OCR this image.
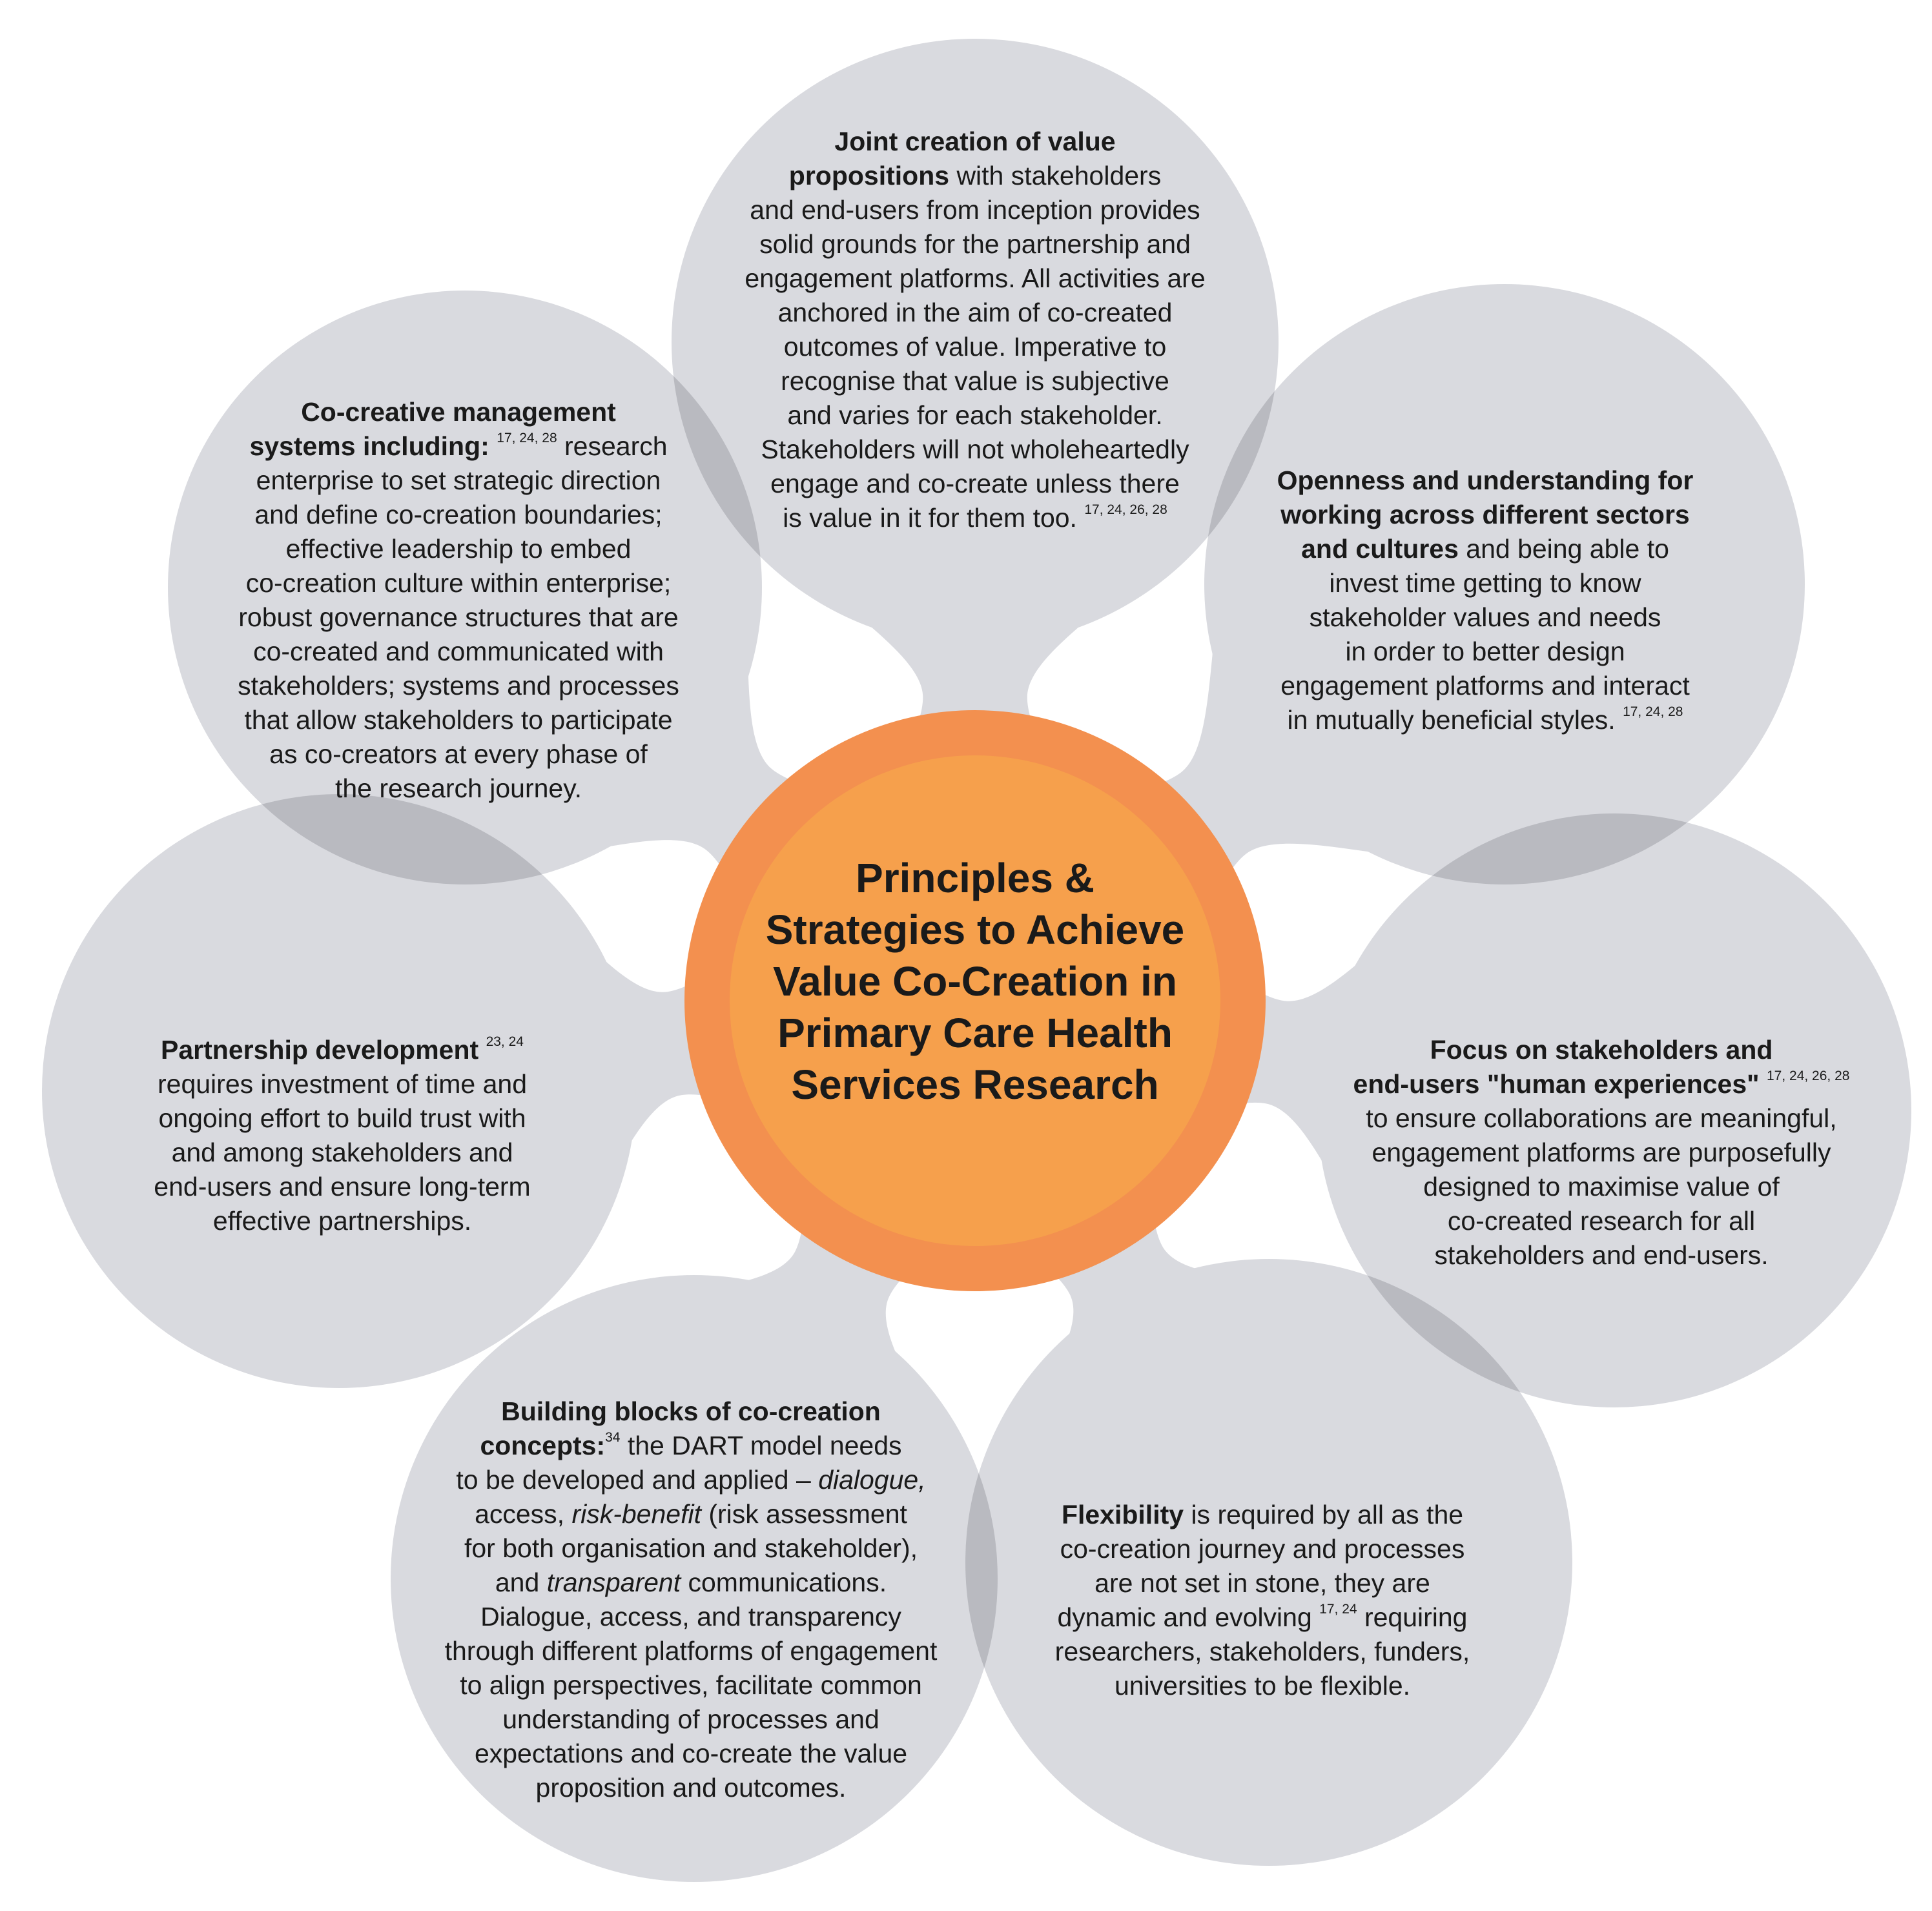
Principles &
Strategies to Achieve
Value Co-Creation in
Primary Care Health
Services Research
Joint creation of value
propositions with stakeholders
and end-users from inception provides
solid grounds for the partnership and
engagement platforms. All activities are
anchored in the aim of co-created
outcomes of value. Imperative to
recognise that value is subjective
and varies for each stakeholder.
Stakeholders will not wholeheartedly
engage and co-create unless there
is value in it for them too. $^{17, 24, 26, 28}$
Openness and understanding for
working across different sectors
and cultures and being able to
invest time getting to know
stakeholder values and needs
in order to better design
engagement platforms and interact
in mutually beneficial styles. $^{17, 24, 28}$
Focus on stakeholders and
end-users "human experiences" $^{17, 24, 26, 28}$
to ensure collaborations are meaningful,
engagement platforms are purposefully
designed to maximise value of
co-created research for all
stakeholders and end-users.
Flexibility is required by all as the
co-creation journey and processes
are not set in stone, they are
dynamic and evolving $^{17, 24}$ requiring
researchers, stakeholders, funders,
universities to be flexible.
Building blocks of co-creation
concepts:$^{34}$ the DART model needs
to be developed and applied – dialogue,
access, risk-benefit (risk assessment
for both organisation and stakeholder),
and transparent communications.
Dialogue, access, and transparency
through different platforms of engagement
to align perspectives, facilitate common
understanding of processes and
expectations and co-create the value
proposition and outcomes.
Partnership development $^{23, 24}$
requires investment of time and
ongoing effort to build trust with
and among stakeholders and
end-users and ensure long-term
effective partnerships.
Co-creative management
systems including: $^{17, 24, 28}$ research
enterprise to set strategic direction
and define co-creation boundaries;
effective leadership to embed
co-creation culture within enterprise;
robust governance structures that are
co-created and communicated with
stakeholders; systems and processes
that allow stakeholders to participate
as co-creators at every phase of
the research journey.
